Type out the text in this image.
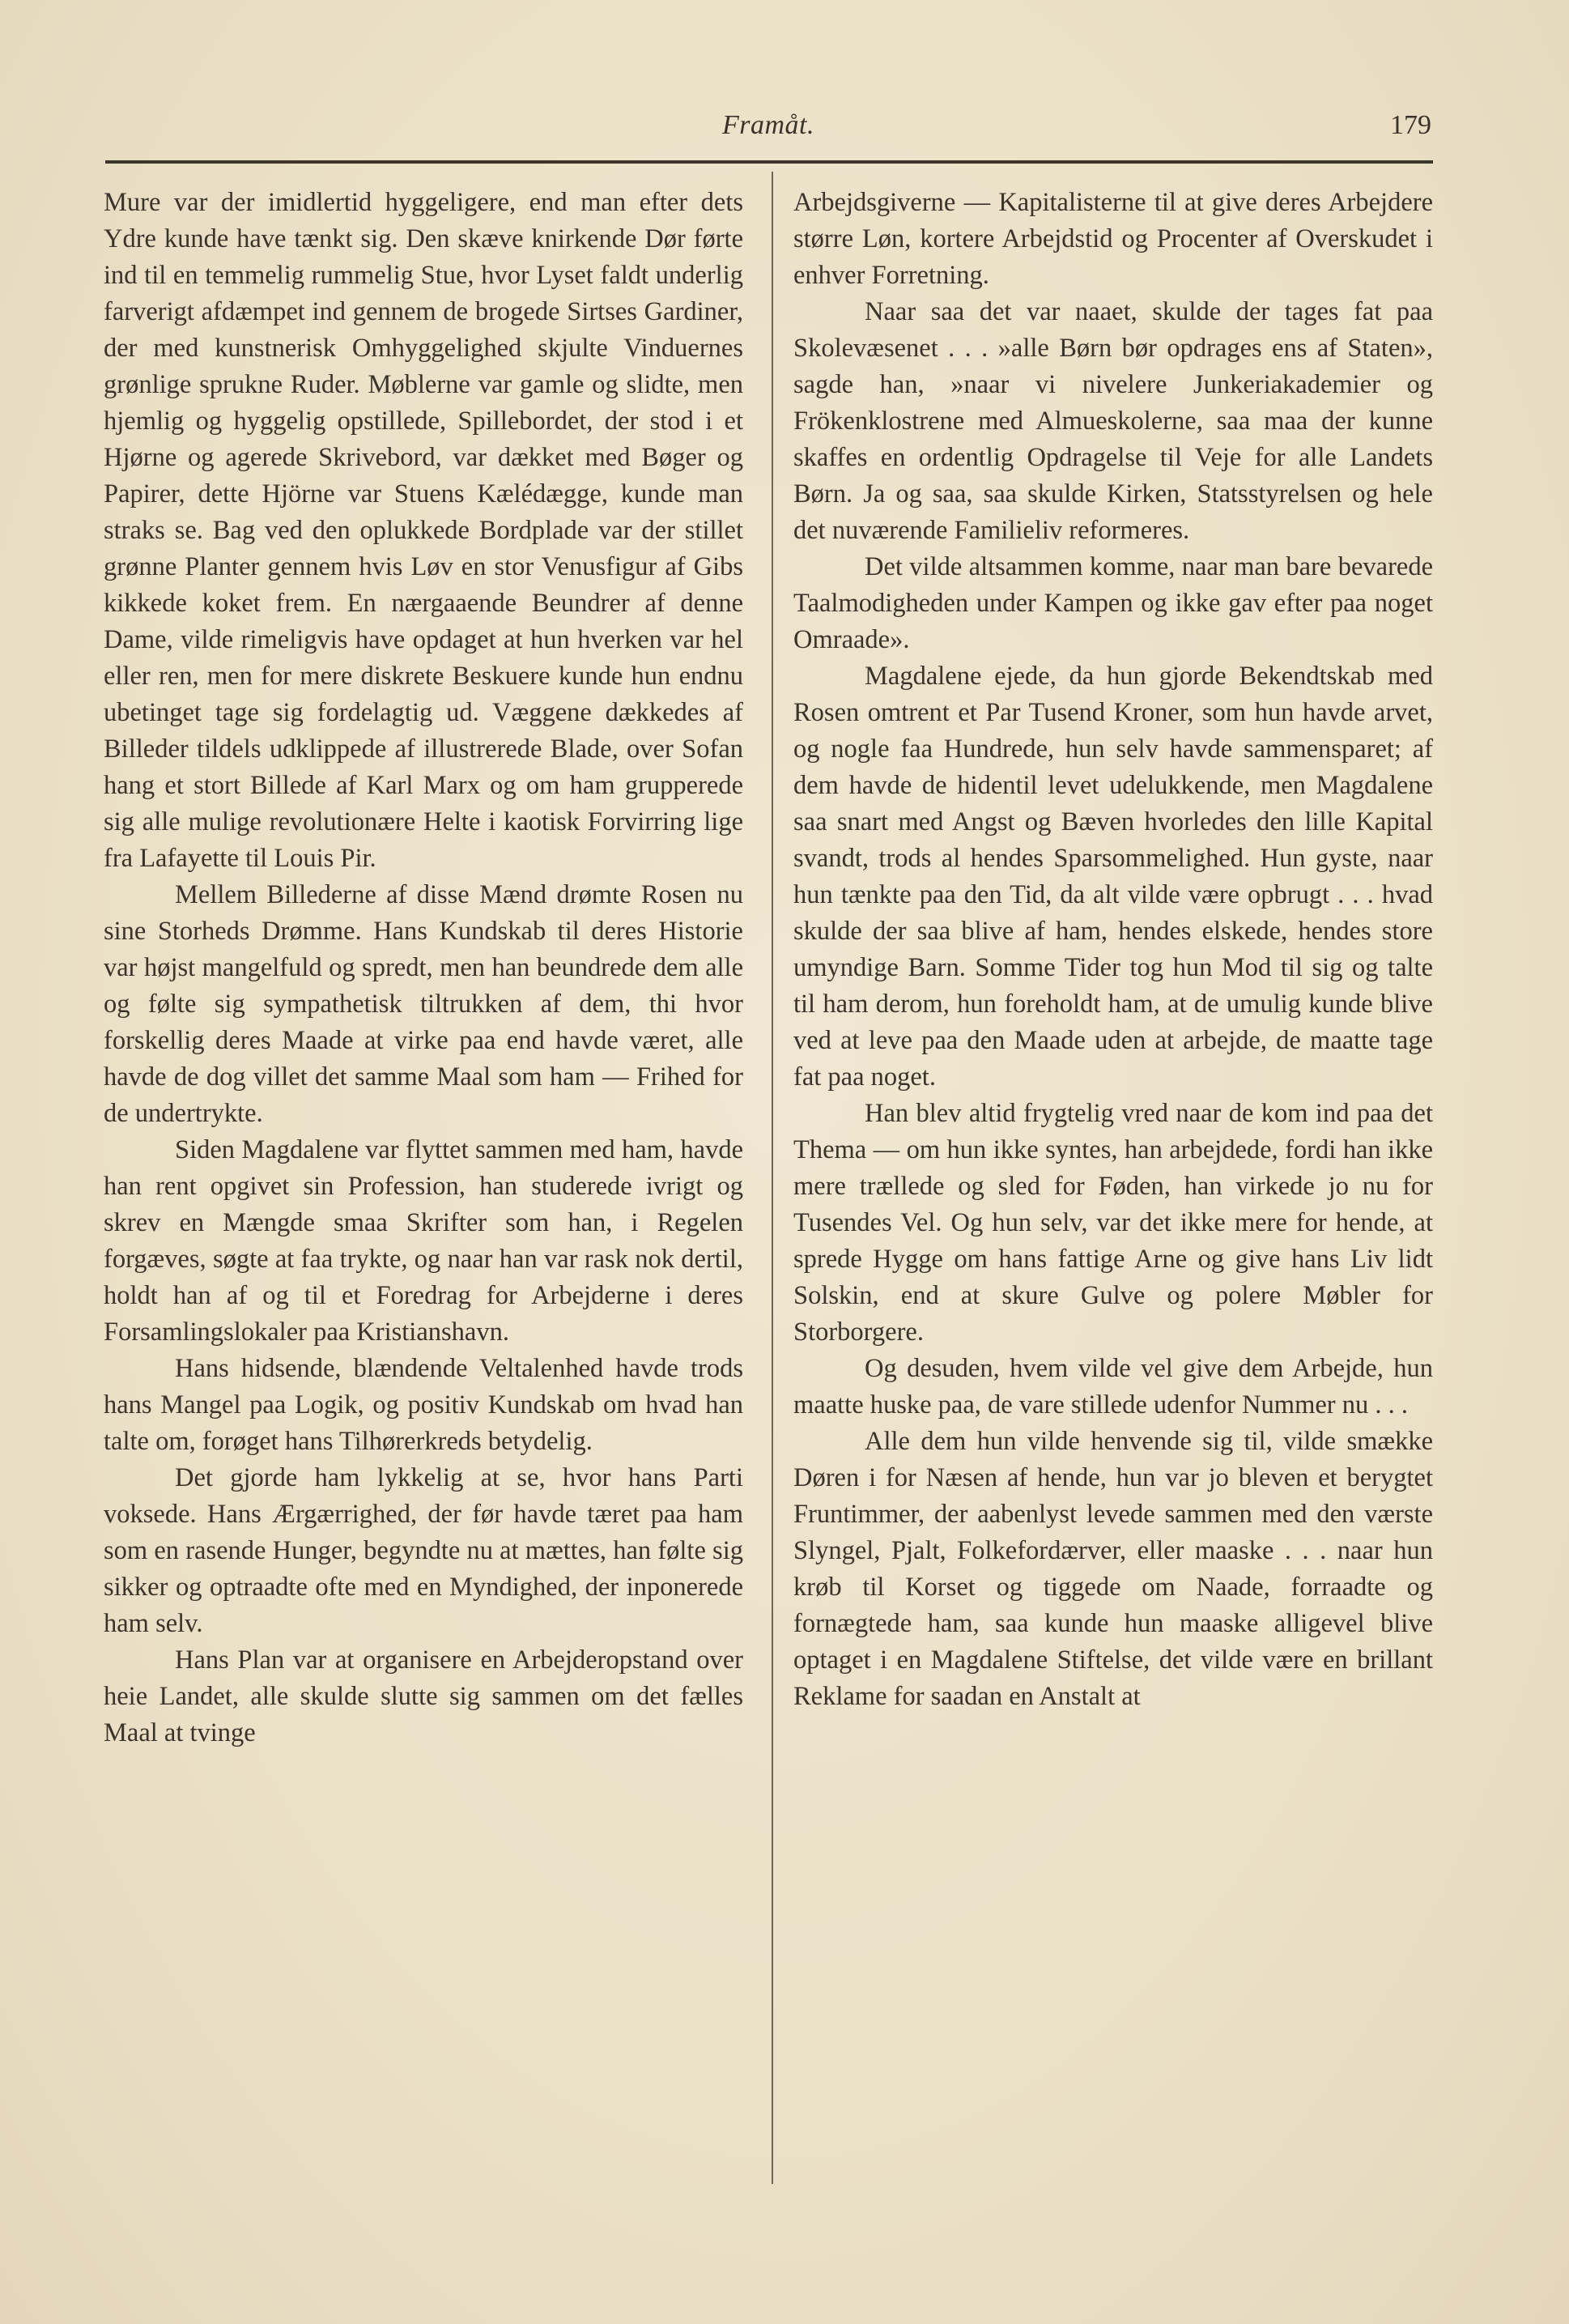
Framåt.	179

Mure var der imidlertid hyggeligere, end man efter dets Ydre kunde have tænkt sig. Den skæve knirkende Dør førte ind til en temmelig rummelig Stue, hvor Lyset faldt underlig farverigt afdæmpet ind gennem de brogede Sirtses Gardiner, der med kunstnerisk Omhyggelighed skjulte Vinduernes grønlige sprukne Ruder. Møblerne var gamle og slidte, men hjemlig og hyggelig opstillede, Spillebordet, der stod i et Hjørne og agerede Skrivebord, var dækket med Bøger og Papirer, dette Hjörne var Stuens Kælédægge, kunde man straks se. Bag ved den oplukkede Bordplade var der stillet grønne Planter gennem hvis Løv en stor Venusfigur af Gibs kikkede koket frem. En nærgaaende Beundrer af denne Dame, vilde rimeligvis have opdaget at hun hverken var hel eller ren, men for mere diskrete Beskuere kunde hun endnu ubetinget tage sig fordelagtig ud. Væggene dækkedes af Billeder tildels udklippede af illustrerede Blade, over Sofan hang et stort Billede af Karl Marx og om ham grupperede sig alle mulige revolutionære Helte i kaotisk Forvirring lige fra Lafayette til Louis Pir.

Mellem Billederne af disse Mænd drømte Rosen nu sine Storheds Drømme. Hans Kundskab til deres Historie var højst mangelfuld og spredt, men han beundrede dem alle og følte sig sympathetisk tiltrukken af dem, thi hvor forskellig deres Maade at virke paa end havde været, alle havde de dog villet det samme Maal som ham — Frihed for de undertrykte.

Siden Magdalene var flyttet sammen med ham, havde han rent opgivet sin Profession, han studerede ivrigt og skrev en Mængde smaa Skrifter som han, i Regelen forgæves, søgte at faa trykte, og naar han var rask nok dertil, holdt han af og til et Foredrag for Arbejderne i deres Forsamlingslokaler paa Kristianshavn.

Hans hidsende, blændende Veltalenhed havde trods hans Mangel paa Logik, og positiv Kundskab om hvad han talte om, forøget hans Tilhørerkreds betydelig.

Det gjorde ham lykkelig at se, hvor hans Parti voksede. Hans Ærgærrighed, der før havde tæret paa ham som en rasende Hunger, begyndte nu at mættes, han følte sig sikker og optraadte ofte med en Myndighed, der inponerede ham selv.

Hans Plan var at organisere en Arbejderopstand over heie Landet, alle skulde slutte sig sammen om det fælles Maal at tvinge

Arbejdsgiverne — Kapitalisterne til at give deres Arbejdere større Løn, kortere Arbejdstid og Procenter af Overskudet i enhver Forretning.

Naar saa det var naaet, skulde der tages fat paa Skolevæsenet . . . »alle Børn bør opdrages ens af Staten», sagde han, »naar vi nivelere Junkeriakademier og Frökenklostrene med Almueskolerne, saa maa der kunne skaffes en ordentlig Opdragelse til Veje for alle Landets Børn. Ja og saa, saa skulde Kirken, Statsstyrelsen og hele det nuværende Familieliv reformeres.

Det vilde altsammen komme, naar man bare bevarede Taalmodigheden under Kampen og ikke gav efter paa noget Omraade».

Magdalene ejede, da hun gjorde Bekendtskab med Rosen omtrent et Par Tusend Kroner, som hun havde arvet, og nogle faa Hundrede, hun selv havde sammensparet; af dem havde de hidentil levet udelukkende, men Magdalene saa snart med Angst og Bæven hvorledes den lille Kapital svandt, trods al hendes Sparsommelighed. Hun gyste, naar hun tænkte paa den Tid, da alt vilde være opbrugt . . . hvad skulde der saa blive af ham, hendes elskede, hendes store umyndige Barn. Somme Tider tog hun Mod til sig og talte til ham derom, hun foreholdt ham, at de umulig kunde blive ved at leve paa den Maade uden at arbejde, de maatte tage fat paa noget.

Han blev altid frygtelig vred naar de kom ind paa det Thema — om hun ikke syntes, han arbejdede, fordi han ikke mere trællede og sled for Føden, han virkede jo nu for Tusendes Vel. Og hun selv, var det ikke mere for hende, at sprede Hygge om hans fattige Arne og give hans Liv lidt Solskin, end at skure Gulve og polere Møbler for Storborgere.

Og desuden, hvem vilde vel give dem Arbejde, hun maatte huske paa, de vare stillede udenfor Nummer nu . . .

Alle dem hun vilde henvende sig til, vilde smække Døren i for Næsen af hende, hun var jo bleven et berygtet Fruntimmer, der aabenlyst levede sammen med den værste Slyngel, Pjalt, Folkefordærver, eller maaske . . . naar hun krøb til Korset og tiggede om Naade, forraadte og fornægtede ham, saa kunde hun maaske alligevel blive optaget i en Magdalene Stiftelse, det vilde være en brillant Reklame for saadan en Anstalt at
